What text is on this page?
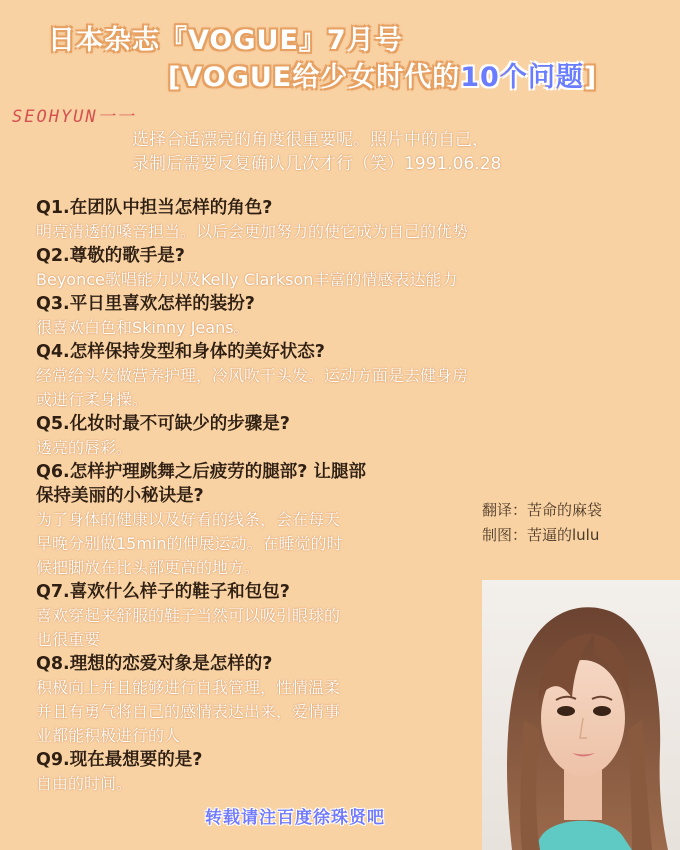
日本杂志『VOGUE』7月号
[VOGUE给少女时代的10个问题]
SEOHYUN一一
选择合适漂亮的角度很重要呢。照片中的自己，
录制后需要反复确认几次才行（笑）1991.06.28
Q1.在团队中担当怎样的角色?
明亮清透的嗓音担当。以后会更加努力的使它成为自己的优势
Q2.尊敬的歌手是?
Beyonce歌唱能力以及Kelly Clarkson丰富的情感表达能力
Q3.平日里喜欢怎样的装扮?
很喜欢白色和Skinny Jeans。
Q4.怎样保持发型和身体的美好状态?
经常给头发做营养护理，冷风吹干头发。运动方面是去健身房
或进行柔身操。
Q5.化妆时最不可缺少的步骤是?
透亮的唇彩。
Q6.怎样护理跳舞之后疲劳的腿部? 让腿部
保持美丽的小秘诀是?
为了身体的健康以及好看的线条，会在每天
早晚分别做15min的伸展运动。在睡觉的时
候把脚放在比头部更高的地方。
Q7.喜欢什么样子的鞋子和包包?
喜欢穿起来舒服的鞋子当然可以吸引眼球的
也很重要
Q8.理想的恋爱对象是怎样的?
积极向上并且能够进行自我管理，性情温柔
并且有勇气将自己的感情表达出来，爱情事
业都能积极进行的人
Q9.现在最想要的是?
自由的时间。
翻译：苦命的麻袋
制图：苦逼的lulu
转载请注百度徐珠贤吧
